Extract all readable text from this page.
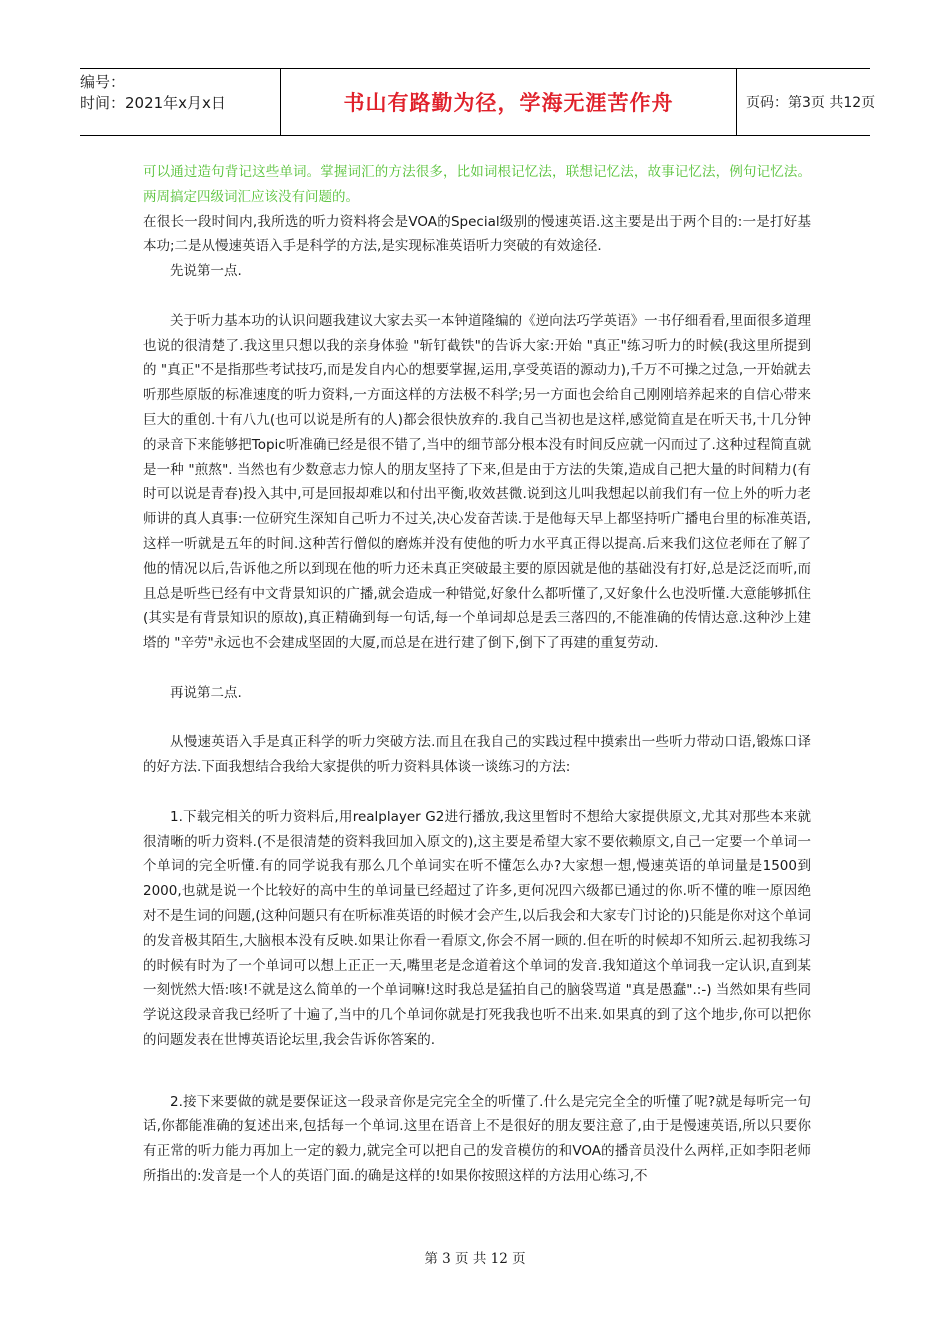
编号：
时间：2021年x月x日	书山有路勤为径，学海无涯苦作舟	页码：第3页 共12页

可以通过造句背记这些单词。掌握词汇的方法很多，比如词根记忆法，联想记忆法，故事记忆法，例句记忆法。两周搞定四级词汇应该没有问题的。

在很长一段时间内,我所选的听力资料将会是VOA的Special级别的慢速英语.这主要是出于两个目的:一是打好基本功;二是从慢速英语入手是科学的方法,是实现标准英语听力突破的有效途径.

先说第一点.

关于听力基本功的认识问题我建议大家去买一本钟道隆编的《逆向法巧学英语》一书仔细看看,里面很多道理也说的很清楚了.我这里只想以我的亲身体验 "斩钉截铁"的告诉大家:开始 "真正"练习听力的时候(我这里所提到的 "真正"不是指那些考试技巧,而是发自内心的想要掌握,运用,享受英语的源动力),千万不可操之过急,一开始就去听那些原版的标准速度的听力资料,一方面这样的方法极不科学;另一方面也会给自己刚刚培养起来的自信心带来巨大的重创.十有八九(也可以说是所有的人)都会很快放弃的.我自己当初也是这样,感觉简直是在听天书,十几分钟的录音下来能够把Topic听准确已经是很不错了,当中的细节部分根本没有时间反应就一闪而过了.这种过程简直就是一种 "煎熬". 当然也有少数意志力惊人的朋友坚持了下来,但是由于方法的失策,造成自己把大量的时间精力(有时可以说是青春)投入其中,可是回报却难以和付出平衡,收效甚微.说到这儿叫我想起以前我们有一位上外的听力老师讲的真人真事:一位研究生深知自己听力不过关,决心发奋苦读.于是他每天早上都坚持听广播电台里的标准英语,这样一听就是五年的时间.这种苦行僧似的磨炼并没有使他的听力水平真正得以提高.后来我们这位老师在了解了他的情况以后,告诉他之所以到现在他的听力还未真正突破最主要的原因就是他的基础没有打好,总是泛泛而听,而且总是听些已经有中文背景知识的广播,就会造成一种错觉,好象什么都听懂了,又好象什么也没听懂.大意能够抓住(其实是有背景知识的原故),真正精确到每一句话,每一个单词却总是丢三落四的,不能准确的传情达意.这种沙上建塔的 "辛劳"永远也不会建成坚固的大厦,而总是在进行建了倒下,倒下了再建的重复劳动.

再说第二点.

从慢速英语入手是真正科学的听力突破方法.而且在我自己的实践过程中摸索出一些听力带动口语,锻炼口译的好方法.下面我想结合我给大家提供的听力资料具体谈一谈练习的方法:

1.下载完相关的听力资料后,用realplayer G2进行播放,我这里暂时不想给大家提供原文,尤其对那些本来就很清晰的听力资料.(不是很清楚的资料我回加入原文的),这主要是希望大家不要依赖原文,自己一定要一个单词一个单词的完全听懂.有的同学说我有那么几个单词实在听不懂怎么办?大家想一想,慢速英语的单词量是1500到2000,也就是说一个比较好的高中生的单词量已经超过了许多,更何况四六级都已通过的你.听不懂的唯一原因绝对不是生词的问题,(这种问题只有在听标准英语的时候才会产生,以后我会和大家专门讨论的)只能是你对这个单词的发音极其陌生,大脑根本没有反映.如果让你看一看原文,你会不屑一顾的.但在听的时候却不知所云.起初我练习的时候有时为了一个单词可以想上正正一天,嘴里老是念道着这个单词的发音.我知道这个单词我一定认识,直到某一刻恍然大悟:咳!不就是这么简单的一个单词嘛!这时我总是猛拍自己的脑袋骂道 "真是愚蠢".:-) 当然如果有些同学说这段录音我已经听了十遍了,当中的几个单词你就是打死我我也听不出来.如果真的到了这个地步,你可以把你的问题发表在世博英语论坛里,我会告诉你答案的.

2.接下来要做的就是要保证这一段录音你是完完全全的听懂了.什么是完完全全的听懂了呢?就是每听完一句话,你都能准确的复述出来,包括每一个单词.这里在语音上不是很好的朋友要注意了,由于是慢速英语,所以只要你有正常的听力能力再加上一定的毅力,就完全可以把自己的发音模仿的和VOA的播音员没什么两样,正如李阳老师所指出的:发音是一个人的英语门面.的确是这样的!如果你按照这样的方法用心练习,不

第 3 页 共 12 页
